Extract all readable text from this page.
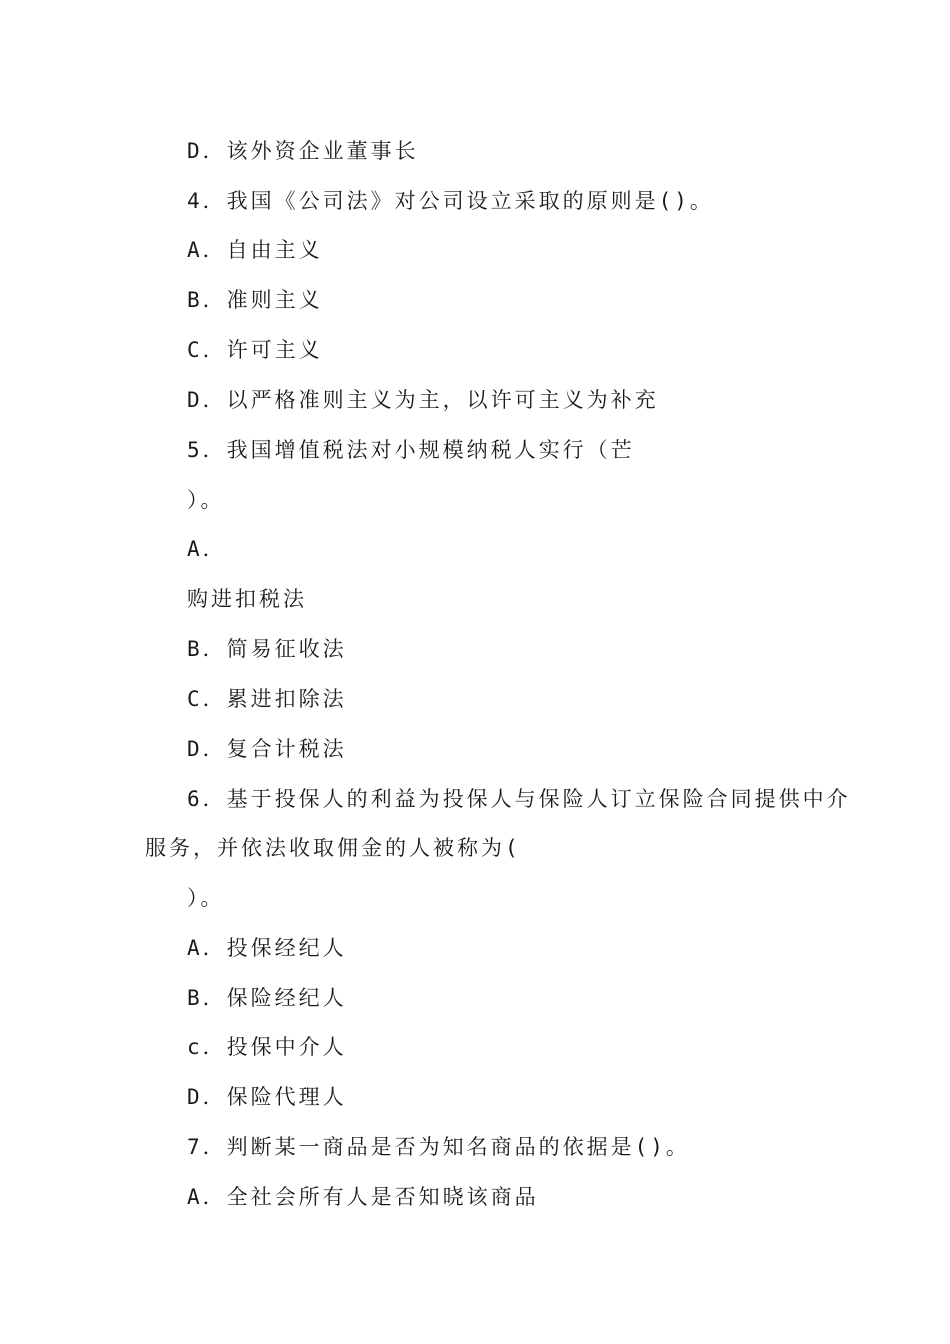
D．该外资企业董事长
4．我国《公司法》对公司设立采取的原则是()。
A．自由主义
B．准则主义
C．许可主义
D．以严格准则主义为主，以许可主义为补充
5．我国增值税法对小规模纳税人实行（芒
）。
A．
购进扣税法
B．简易征收法
C．累进扣除法
D．复合计税法
6．基于投保人的利益为投保人与保险人订立保险合同提供中介
服务，并依法收取佣金的人被称为(
）。
A．投保经纪人
B．保险经纪人
c．投保中介人
D．保险代理人
7．判断某一商品是否为知名商品的依据是()。
A．全社会所有人是否知晓该商品
